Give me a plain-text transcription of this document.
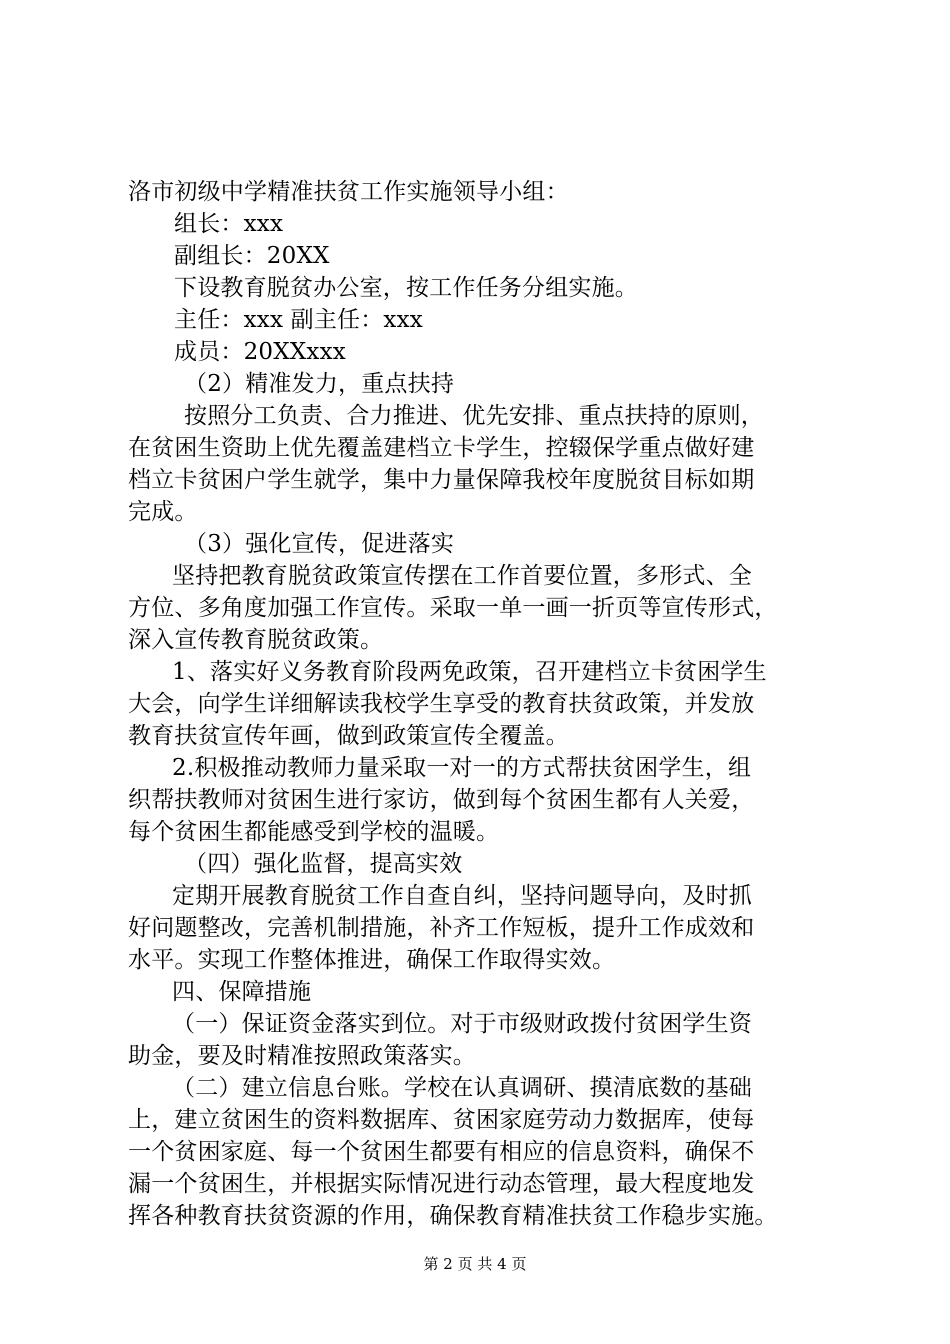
洛市初级中学精准扶贫工作实施领导小组：
组长：xxx
副组长：20XX
下设教育脱贫办公室，按工作任务分组实施。
主任：xxx 副主任：xxx
成员：20XXxxx
（2）精准发力，重点扶持
按照分工负责、合力推进、优先安排、重点扶持的原则，
在贫困生资助上优先覆盖建档立卡学生，控辍保学重点做好建
档立卡贫困户学生就学，集中力量保障我校年度脱贫目标如期
完成。
（3）强化宣传，促进落实
坚持把教育脱贫政策宣传摆在工作首要位置，多形式、全
方位、多角度加强工作宣传。采取一单一画一折页等宣传形式，
深入宣传教育脱贫政策。
1、落实好义务教育阶段两免政策，召开建档立卡贫困学生
大会，向学生详细解读我校学生享受的教育扶贫政策，并发放
教育扶贫宣传年画，做到政策宣传全覆盖。
2.积极推动教师力量采取一对一的方式帮扶贫困学生，组
织帮扶教师对贫困生进行家访，做到每个贫困生都有人关爱，
每个贫困生都能感受到学校的温暖。
（四）强化监督，提高实效
定期开展教育脱贫工作自查自纠，坚持问题导向，及时抓
好问题整改，完善机制措施，补齐工作短板，提升工作成效和
水平。实现工作整体推进，确保工作取得实效。
四、保障措施
（一）保证资金落实到位。对于市级财政拨付贫困学生资
助金，要及时精准按照政策落实。
（二）建立信息台账。学校在认真调研、摸清底数的基础
上，建立贫困生的资料数据库、贫困家庭劳动力数据库，使每
一个贫困家庭、每一个贫困生都要有相应的信息资料，确保不
漏一个贫困生，并根据实际情况进行动态管理，最大程度地发
挥各种教育扶贫资源的作用，确保教育精准扶贫工作稳步实施。
第 2 页 共 4 页
